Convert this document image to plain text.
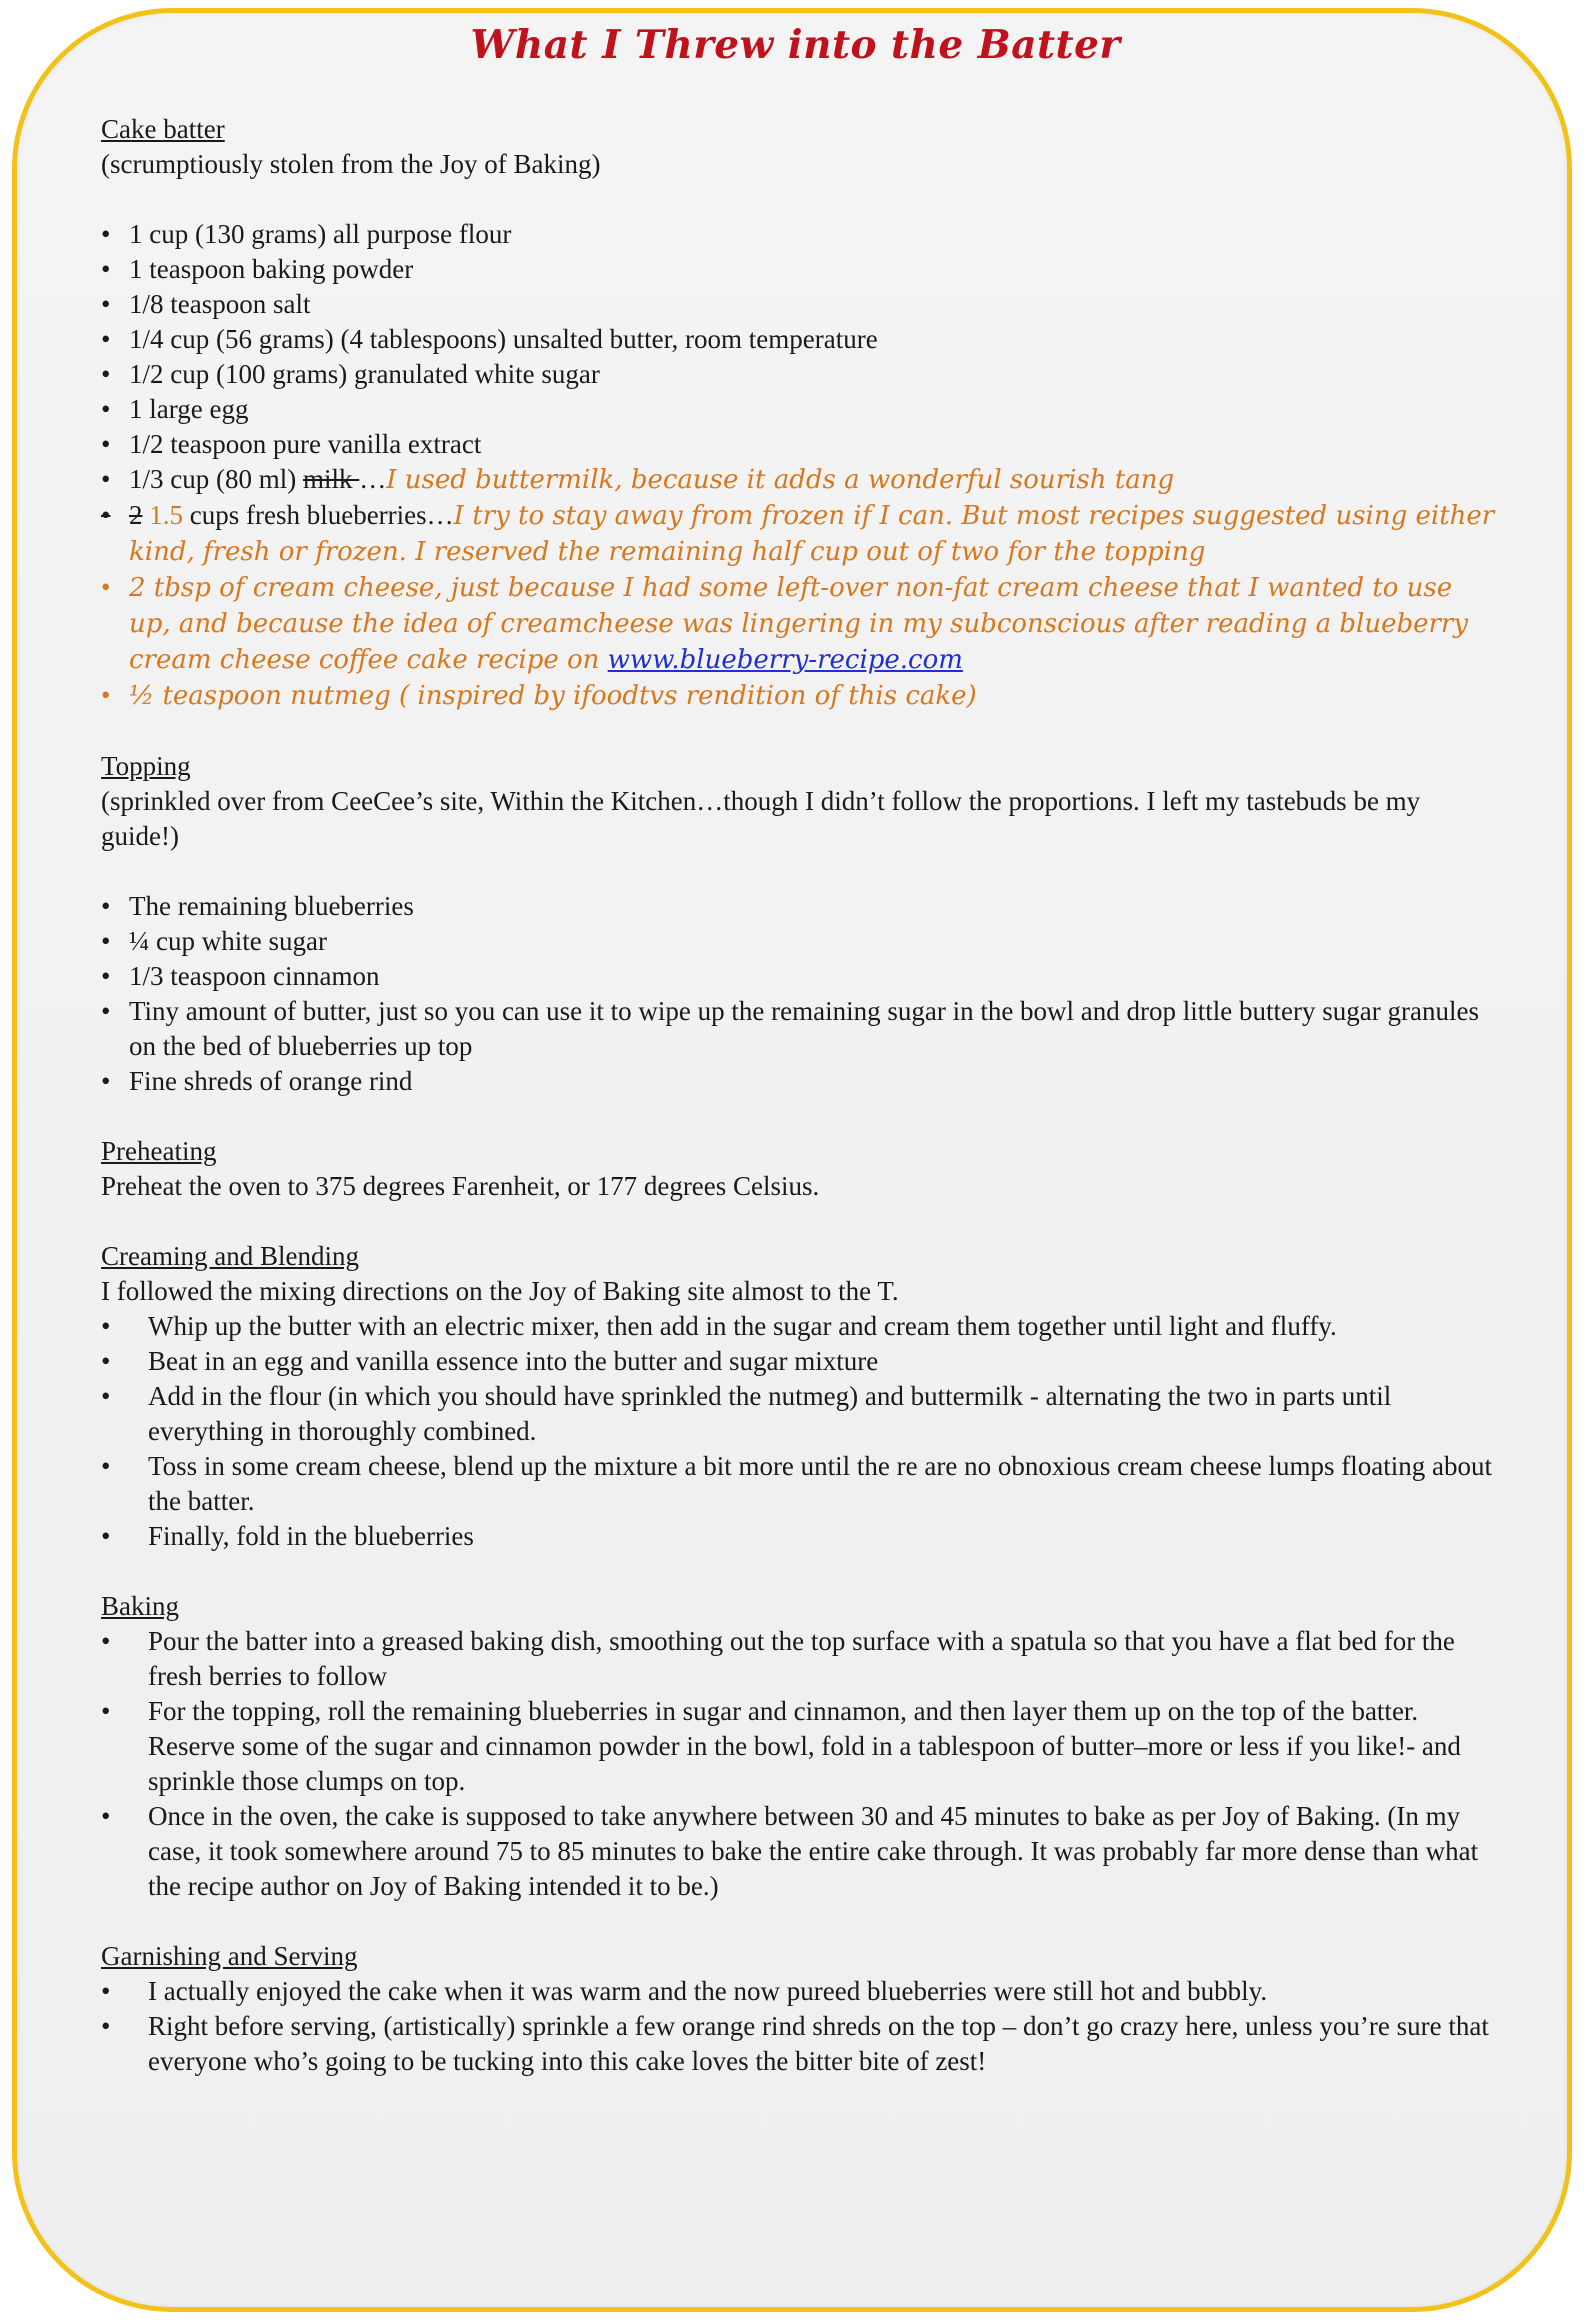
What I Threw into the Batter
Cake batter
(scrumptiously stolen from the Joy of Baking)
• 1 cup (130 grams) all purpose flour
• 1 teaspoon baking powder
• 1/8 teaspoon salt
• 1/4 cup (56 grams) (4 tablespoons) unsalted butter, room temperature
• 1/2 cup (100 grams) granulated white sugar
• 1 large egg
• 1/2 teaspoon pure vanilla extract
• 1/3 cup (80 ml) milk …I used buttermilk, because it adds a wonderful sourish tang
• 2 1.5 cups fresh blueberries…I try to stay away from frozen if I can. But most recipes suggested using either kind, fresh or frozen. I reserved the remaining half cup out of two for the topping
• 2 tbsp of cream cheese, just because I had some left-over non-fat cream cheese that I wanted to use up, and because the idea of creamcheese was lingering in my subconscious after reading a blueberry cream cheese coffee cake recipe on www.blueberry-recipe.com
• ½ teaspoon nutmeg ( inspired by ifoodtvs rendition of this cake)
Topping
(sprinkled over from CeeCee’s site, Within the Kitchen…though I didn’t follow the proportions. I left my tastebuds be my guide!)
• The remaining blueberries
• ¼ cup white sugar
• 1/3 teaspoon cinnamon
• Tiny amount of butter, just so you can use it to wipe up the remaining sugar in the bowl and drop little buttery sugar granules on the bed of blueberries up top
• Fine shreds of orange rind
Preheating
Preheat the oven to 375 degrees Farenheit, or 177 degrees Celsius.
Creaming and Blending
I followed the mixing directions on the Joy of Baking site almost to the T.
• Whip up the butter with an electric mixer, then add in the sugar and cream them together until light and fluffy.
• Beat in an egg and vanilla essence into the butter and sugar mixture
• Add in the flour (in which you should have sprinkled the nutmeg) and buttermilk - alternating the two in parts until everything in thoroughly combined.
• Toss in some cream cheese, blend up the mixture a bit more until the re are no obnoxious cream cheese lumps floating about the batter.
• Finally, fold in the blueberries
Baking
• Pour the batter into a greased baking dish, smoothing out the top surface with a spatula so that you have a flat bed for the fresh berries to follow
• For the topping, roll the remaining blueberries in sugar and cinnamon, and then layer them up on the top of the batter. Reserve some of the sugar and cinnamon powder in the bowl, fold in a tablespoon of butter–more or less if you like!- and sprinkle those clumps on top.
• Once in the oven, the cake is supposed to take anywhere between 30 and 45 minutes to bake as per Joy of Baking. (In my case, it took somewhere around 75 to 85 minutes to bake the entire cake through. It was probably far more dense than what the recipe author on Joy of Baking intended it to be.)
Garnishing and Serving
• I actually enjoyed the cake when it was warm and the now pureed blueberries were still hot and bubbly.
• Right before serving, (artistically) sprinkle a few orange rind shreds on the top – don’t go crazy here, unless you’re sure that everyone who’s going to be tucking into this cake loves the bitter bite of zest!
